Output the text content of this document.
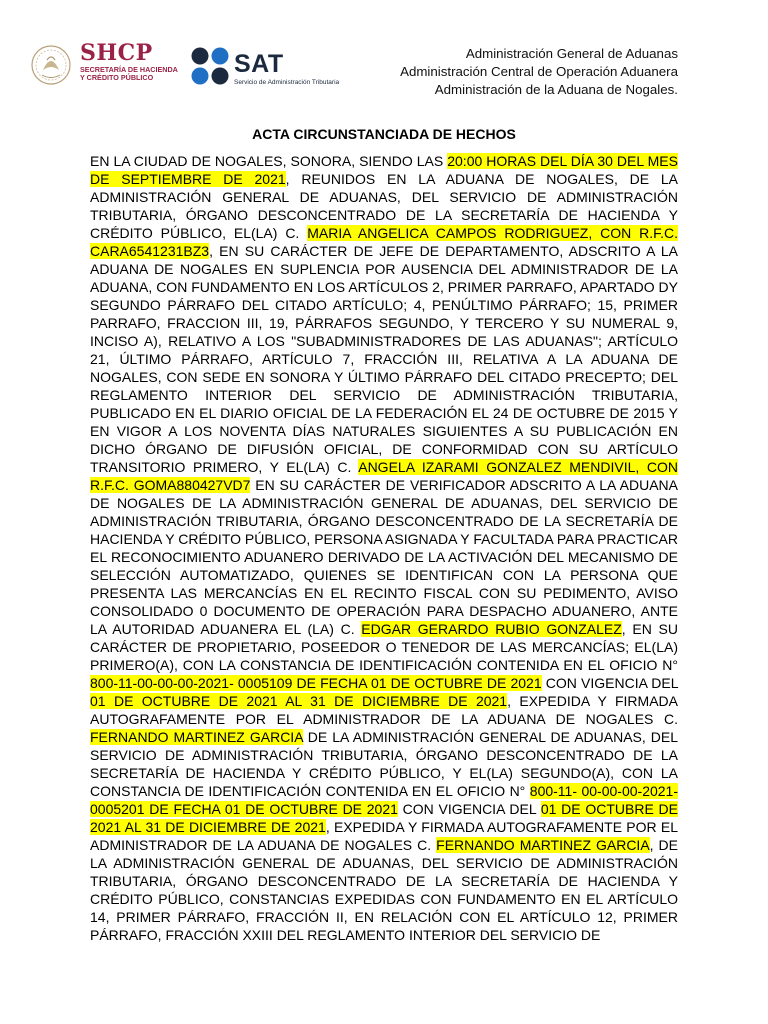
SHCP
SECRETARÍA DE HACIENDA
Y CRÉDITO PÚBLICO	SAT
Servicio de Administración Tributaria
Administración General de Aduanas
Administración Central de Operación Aduanera
Administración de la Aduana de Nogales.
ACTA CIRCUNSTANCIADA DE HECHOS
EN LA CIUDAD DE NOGALES, SONORA, SIENDO LAS 20:00 HORAS DEL DÍA 30 DEL MES DE SEPTIEMBRE DE 2021, REUNIDOS EN LA ADUANA DE NOGALES, DE LA ADMINISTRACIÓN GENERAL DE ADUANAS, DEL SERVICIO DE ADMINISTRACIÓN TRIBUTARIA, ÓRGANO DESCONCENTRADO DE LA SECRETARÍA DE HACIENDA Y CRÉDITO PÚBLICO, EL(LA) C. MARIA ANGELICA CAMPOS RODRIGUEZ, CON R.F.C. CARA6541231BZ3, EN SU CARÁCTER DE JEFE DE DEPARTAMENTO, ADSCRITO A LA ADUANA DE NOGALES EN SUPLENCIA POR AUSENCIA DEL ADMINISTRADOR DE LA ADUANA, CON FUNDAMENTO EN LOS ARTÍCULOS 2, PRIMER PARRAFO, APARTADO DY SEGUNDO PÁRRAFO DEL CITADO ARTÍCULO; 4, PENÚLTIMO PÁRRAFO; 15, PRIMER PARRAFO, FRACCION III, 19, PÁRRAFOS SEGUNDO, Y TERCERO Y SU NUMERAL 9, INCISO A), RELATIVO A LOS "SUBADMINISTRADORES DE LAS ADUANAS"; ARTÍCULO 21, ÚLTIMO PÁRRAFO, ARTÍCULO 7, FRACCIÓN III, RELATIVA A LA ADUANA DE NOGALES, CON SEDE EN SONORA Y ÚLTIMO PÁRRAFO DEL CITADO PRECEPTO; DEL REGLAMENTO INTERIOR DEL SERVICIO DE ADMINISTRACIÓN TRIBUTARIA, PUBLICADO EN EL DIARIO OFICIAL DE LA FEDERACIÓN EL 24 DE OCTUBRE DE 2015 Y EN VIGOR A LOS NOVENTA DÍAS NATURALES SIGUIENTES A SU PUBLICACIÓN EN DICHO ÓRGANO DE DIFUSIÓN OFICIAL, DE CONFORMIDAD CON SU ARTÍCULO TRANSITORIO PRIMERO, Y EL(LA) C. ANGELA IZARAMI GONZALEZ MENDIVIL, CON R.F.C. GOMA880427VD7 EN SU CARÁCTER DE VERIFICADOR ADSCRITO A LA ADUANA DE NOGALES DE LA ADMINISTRACIÓN GENERAL DE ADUANAS, DEL SERVICIO DE ADMINISTRACIÓN TRIBUTARIA, ÓRGANO DESCONCENTRADO DE LA SECRETARÍA DE HACIENDA Y CRÉDITO PÚBLICO, PERSONA ASIGNADA Y FACULTADA PARA PRACTICAR EL RECONOCIMIENTO ADUANERO DERIVADO DE LA ACTIVACIÓN DEL MECANISMO DE SELECCIÓN AUTOMATIZADO, QUIENES SE IDENTIFICAN CON LA PERSONA QUE PRESENTA LAS MERCANCÍAS EN EL RECINTO FISCAL CON SU PEDIMENTO, AVISO CONSOLIDADO 0 DOCUMENTO DE OPERACIÓN PARA DESPACHO ADUANERO, ANTE LA AUTORIDAD ADUANERA EL (LA) C. EDGAR GERARDO RUBIO GONZALEZ, EN SU CARÁCTER DE PROPIETARIO, POSEEDOR O TENEDOR DE LAS MERCANCÍAS; EL(LA) PRIMERO(A), CON LA CONSTANCIA DE IDENTIFICACIÓN CONTENIDA EN EL OFICIO N° 800-11-00-00-00-2021- 0005109 DE FECHA 01 DE OCTUBRE DE 2021 CON VIGENCIA DEL 01 DE OCTUBRE DE 2021 AL 31 DE DICIEMBRE DE 2021, EXPEDIDA Y FIRMADA AUTOGRAFAMENTE POR EL ADMINISTRADOR DE LA ADUANA DE NOGALES C. FERNANDO MARTINEZ GARCIA DE LA ADMINISTRACIÓN GENERAL DE ADUANAS, DEL SERVICIO DE ADMINISTRACIÓN TRIBUTARIA, ÓRGANO DESCONCENTRADO DE LA SECRETARÍA DE HACIENDA Y CRÉDITO PÚBLICO, Y EL(LA) SEGUNDO(A), CON LA CONSTANCIA DE IDENTIFICACIÓN CONTENIDA EN EL OFICIO N° 800-11- 00-00-00-2021-0005201 DE FECHA 01 DE OCTUBRE DE 2021 CON VIGENCIA DEL 01 DE OCTUBRE DE 2021 AL 31 DE DICIEMBRE DE 2021, EXPEDIDA Y FIRMADA AUTOGRAFAMENTE POR EL ADMINISTRADOR DE LA ADUANA DE NOGALES C. FERNANDO MARTINEZ GARCIA, DE LA ADMINISTRACIÓN GENERAL DE ADUANAS, DEL SERVICIO DE ADMINISTRACIÓN TRIBUTARIA, ÓRGANO DESCONCENTRADO DE LA SECRETARÍA DE HACIENDA Y CRÉDITO PÚBLICO, CONSTANCIAS EXPEDIDAS CON FUNDAMENTO EN EL ARTÍCULO 14, PRIMER PÁRRAFO, FRACCIÓN II, EN RELACIÓN CON EL ARTÍCULO 12, PRIMER PÁRRAFO, FRACCIÓN XXIII DEL REGLAMENTO INTERIOR DEL SERVICIO DE
